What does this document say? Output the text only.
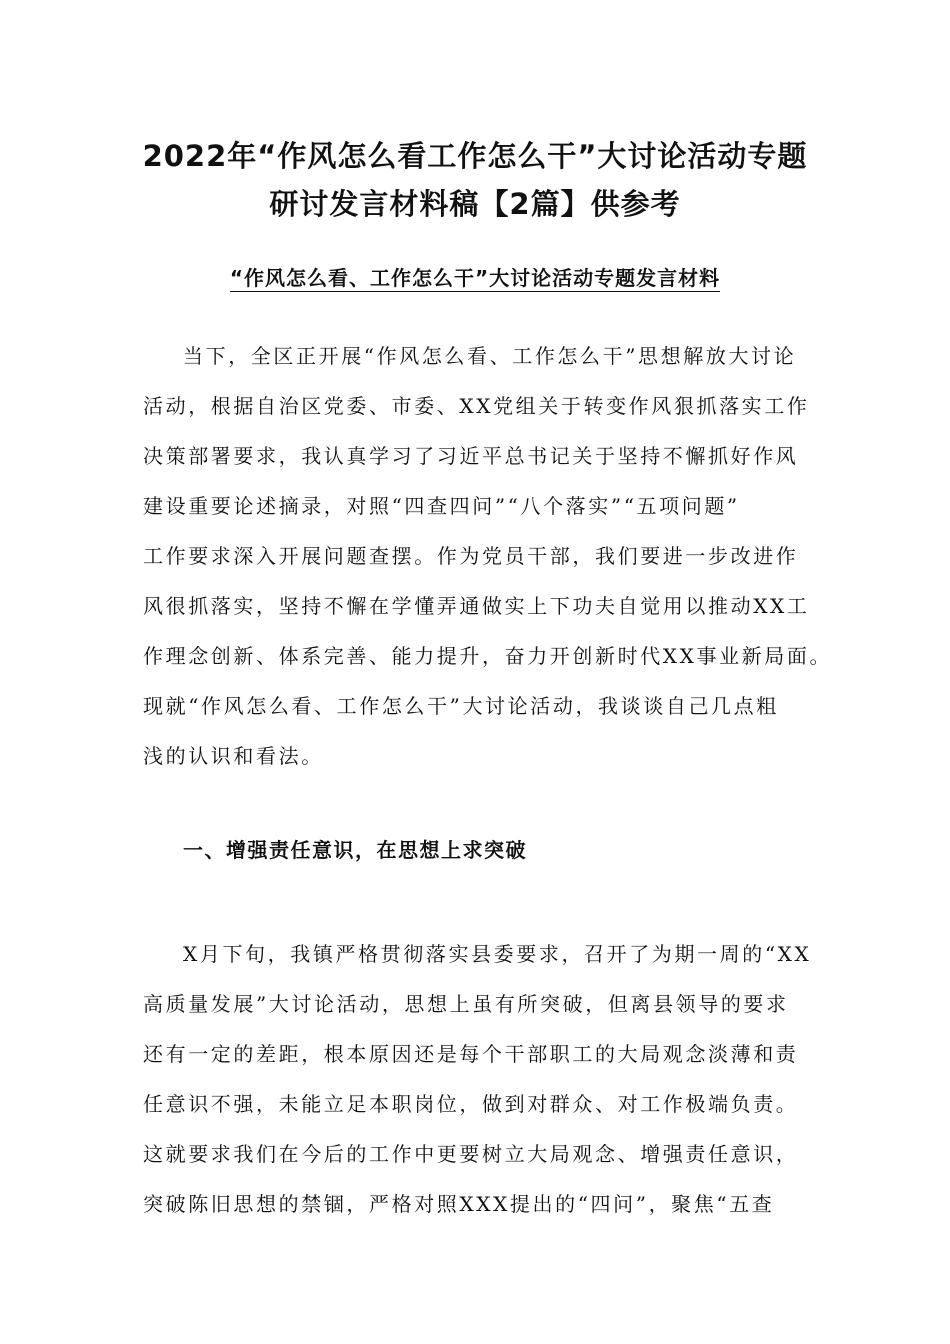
2022年“作风怎么看工作怎么干”大讨论活动专题
研讨发言材料稿【2篇】供参考
“作风怎么看、工作怎么干”大讨论活动专题发言材料
当下，全区正开展“作风怎么看、工作怎么干”思想解放大讨论
活动，根据自治区党委、市委、XX党组关于转变作风狠抓落实工作
决策部署要求，我认真学习了习近平总书记关于坚持不懈抓好作风
建设重要论述摘录，对照“四查四问”“八个落实”“五项问题”
工作要求深入开展问题查摆。作为党员干部，我们要进一步改进作
风很抓落实，坚持不懈在学懂弄通做实上下功夫自觉用以推动XX工
作理念创新、体系完善、能力提升，奋力开创新时代XX事业新局面。
现就“作风怎么看、工作怎么干”大讨论活动，我谈谈自己几点粗
浅的认识和看法。
一、增强责任意识，在思想上求突破
X月下旬，我镇严格贯彻落实县委要求，召开了为期一周的“XX
高质量发展”大讨论活动，思想上虽有所突破，但离县领导的要求
还有一定的差距，根本原因还是每个干部职工的大局观念淡薄和责
任意识不强，未能立足本职岗位，做到对群众、对工作极端负责。
这就要求我们在今后的工作中更要树立大局观念、增强责任意识，
突破陈旧思想的禁锢，严格对照XXX提出的“四问”，聚焦“五查
